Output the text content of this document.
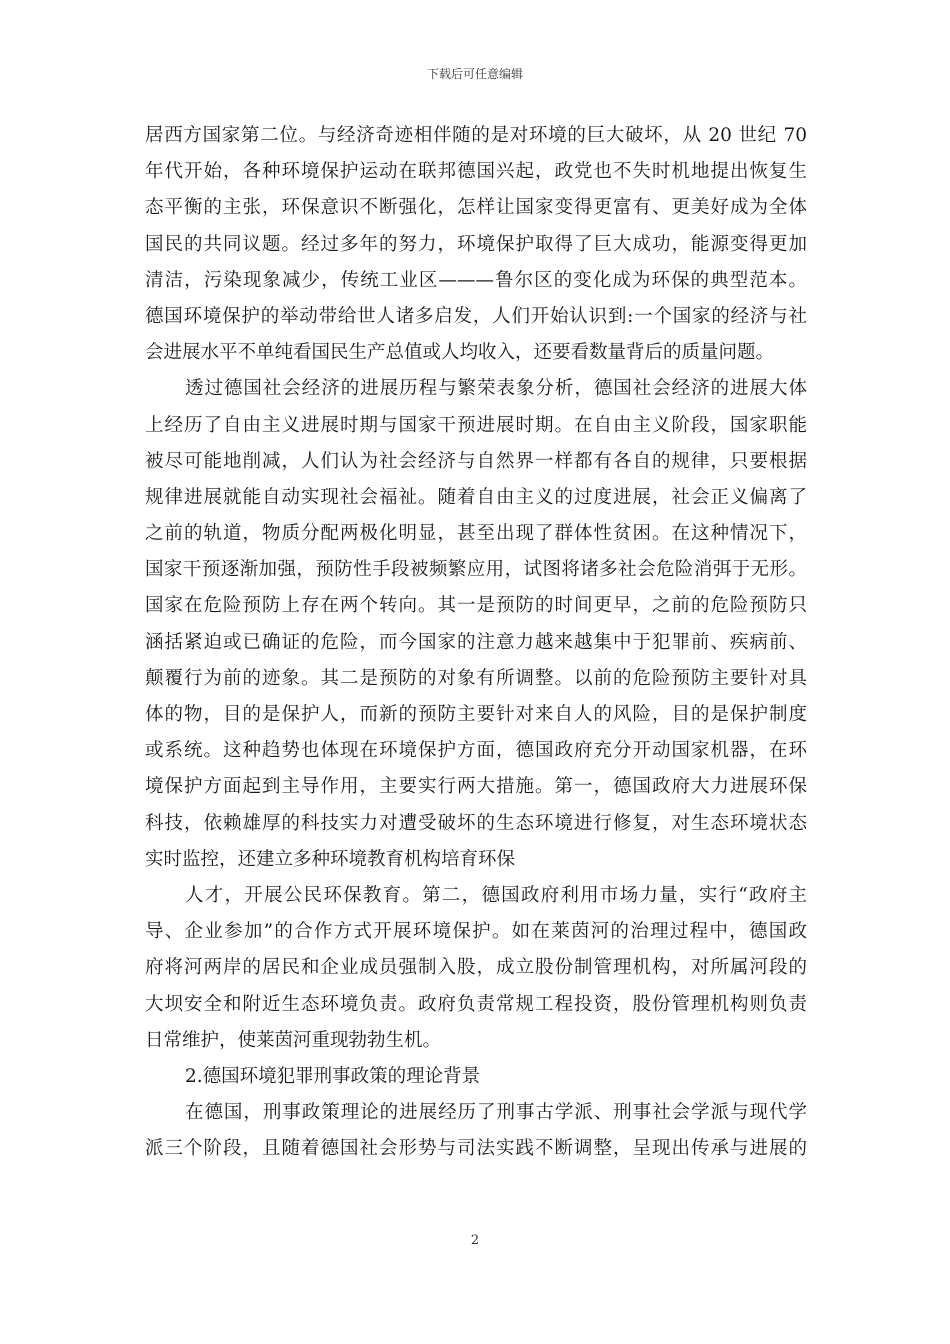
下载后可任意编辑
居西方国家第二位。与经济奇迹相伴随的是对环境的巨大破坏，从 20 世纪 70
年代开始，各种环境保护运动在联邦德国兴起，政党也不失时机地提出恢复生
态平衡的主张，环保意识不断强化，怎样让国家变得更富有、更美好成为全体
国民的共同议题。经过多年的努力，环境保护取得了巨大成功，能源变得更加
清洁，污染现象减少，传统工业区———鲁尔区的变化成为环保的典型范本。
德国环境保护的举动带给世人诸多启发，人们开始认识到:一个国家的经济与社
会进展水平不单纯看国民生产总值或人均收入，还要看数量背后的质量问题。
透过德国社会经济的进展历程与繁荣表象分析，德国社会经济的进展大体
上经历了自由主义进展时期与国家干预进展时期。在自由主义阶段，国家职能
被尽可能地削减，人们认为社会经济与自然界一样都有各自的规律，只要根据
规律进展就能自动实现社会福祉。随着自由主义的过度进展，社会正义偏离了
之前的轨道，物质分配两极化明显，甚至出现了群体性贫困。在这种情况下，
国家干预逐渐加强，预防性手段被频繁应用，试图将诸多社会危险消弭于无形。
国家在危险预防上存在两个转向。其一是预防的时间更早，之前的危险预防只
涵括紧迫或已确证的危险，而今国家的注意力越来越集中于犯罪前、疾病前、
颠覆行为前的迹象。其二是预防的对象有所调整。以前的危险预防主要针对具
体的物，目的是保护人，而新的预防主要针对来自人的风险，目的是保护制度
或系统。这种趋势也体现在环境保护方面，德国政府充分开动国家机器，在环
境保护方面起到主导作用，主要实行两大措施。第一，德国政府大力进展环保
科技，依赖雄厚的科技实力对遭受破坏的生态环境进行修复，对生态环境状态
实时监控，还建立多种环境教育机构培育环保
人才，开展公民环保教育。第二，德国政府利用市场力量，实行“政府主
导、企业参加”的合作方式开展环境保护。如在莱茵河的治理过程中，德国政
府将河两岸的居民和企业成员强制入股，成立股份制管理机构，对所属河段的
大坝安全和附近生态环境负责。政府负责常规工程投资，股份管理机构则负责
日常维护，使莱茵河重现勃勃生机。
2.德国环境犯罪刑事政策的理论背景
在德国，刑事政策理论的进展经历了刑事古学派、刑事社会学派与现代学
派三个阶段，且随着德国社会形势与司法实践不断调整，呈现出传承与进展的
2
